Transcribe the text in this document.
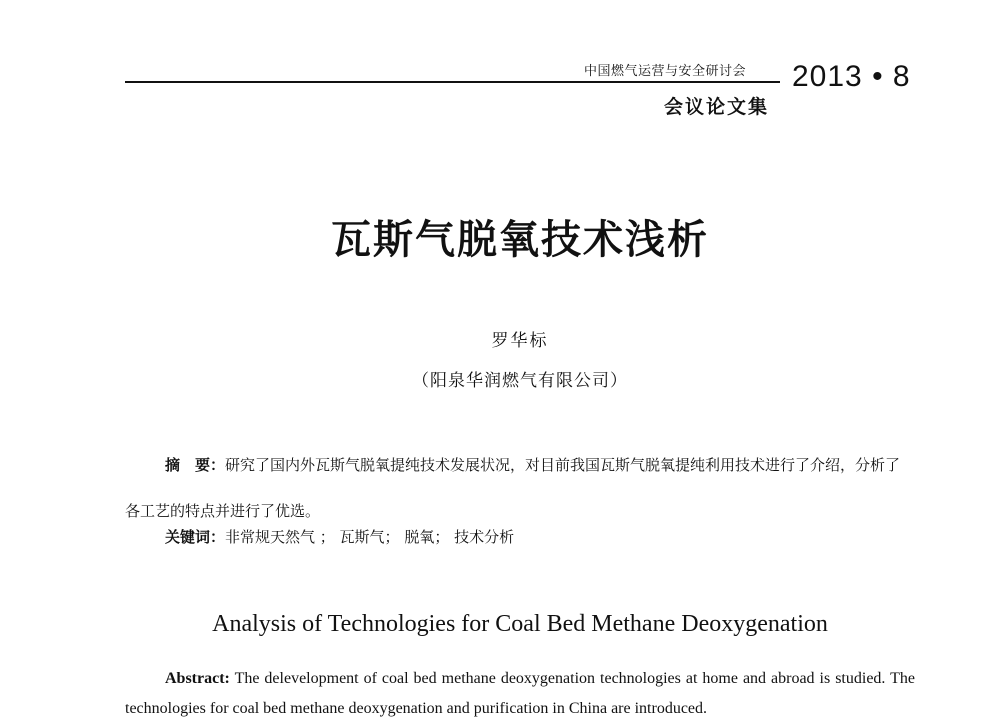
中国燃气运营与安全研讨会
会议论文集
2013 • 8
瓦斯气脱氧技术浅析
罗华标
（阳泉华润燃气有限公司）
摘　要：研究了国内外瓦斯气脱氧提纯技术发展状况，对目前我国瓦斯气脱氧提纯利用技术进行了介绍，分析了各工艺的特点并进行了优选。
关键词：非常规天然气 ； 瓦斯气； 脱氧； 技术分析
Analysis of Technologies for Coal Bed Methane Deoxygenation
Abstract: The delevelopment of coal bed methane deoxygenation technologies at home and abroad is studied. The technologies for coal bed methane deoxygenation and purification in China are introduced.
